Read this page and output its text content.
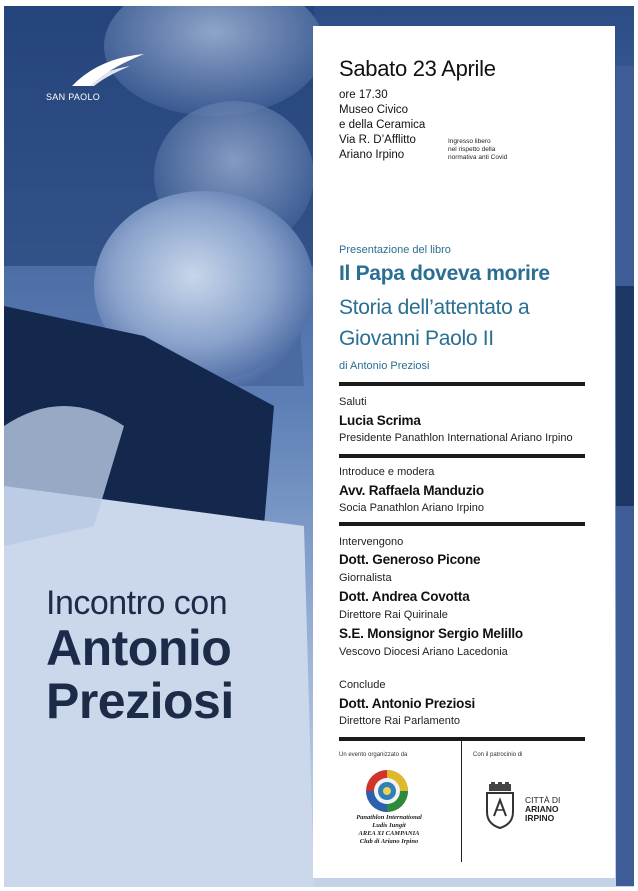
SAN PAOLO
Incontro con
Antonio
Preziosi
Sabato 23 Aprile
ore 17.30
Museo Civico
e della Ceramica
Via R. D’Afflitto
Ariano Irpino
Ingresso libero
nel rispetto della
normativa anti Covid
Presentazione del libro
Il Papa doveva morire
Storia dell’attentato a
Giovanni Paolo II
di Antonio Preziosi
Saluti
Lucia Scrima
Presidente Panathlon International Ariano Irpino
Introduce e modera
Avv. Raffaela Manduzio
Socia Panathlon Ariano Irpino
Intervengono
Dott. Generoso Picone
Giornalista
Dott. Andrea Covotta
Direttore Rai Quirinale
S.E. Monsignor Sergio Melillo
Vescovo Diocesi Ariano Lacedonia
Conclude
Dott. Antonio Preziosi
Direttore Rai Parlamento
Un evento organizzato da	Con il patrocinio di
Panathlon International
Ludis Iungit
AREA XI CAMPANIA
Club di Ariano Irpino
CITTÀ DI
ARIANO
IRPINO
